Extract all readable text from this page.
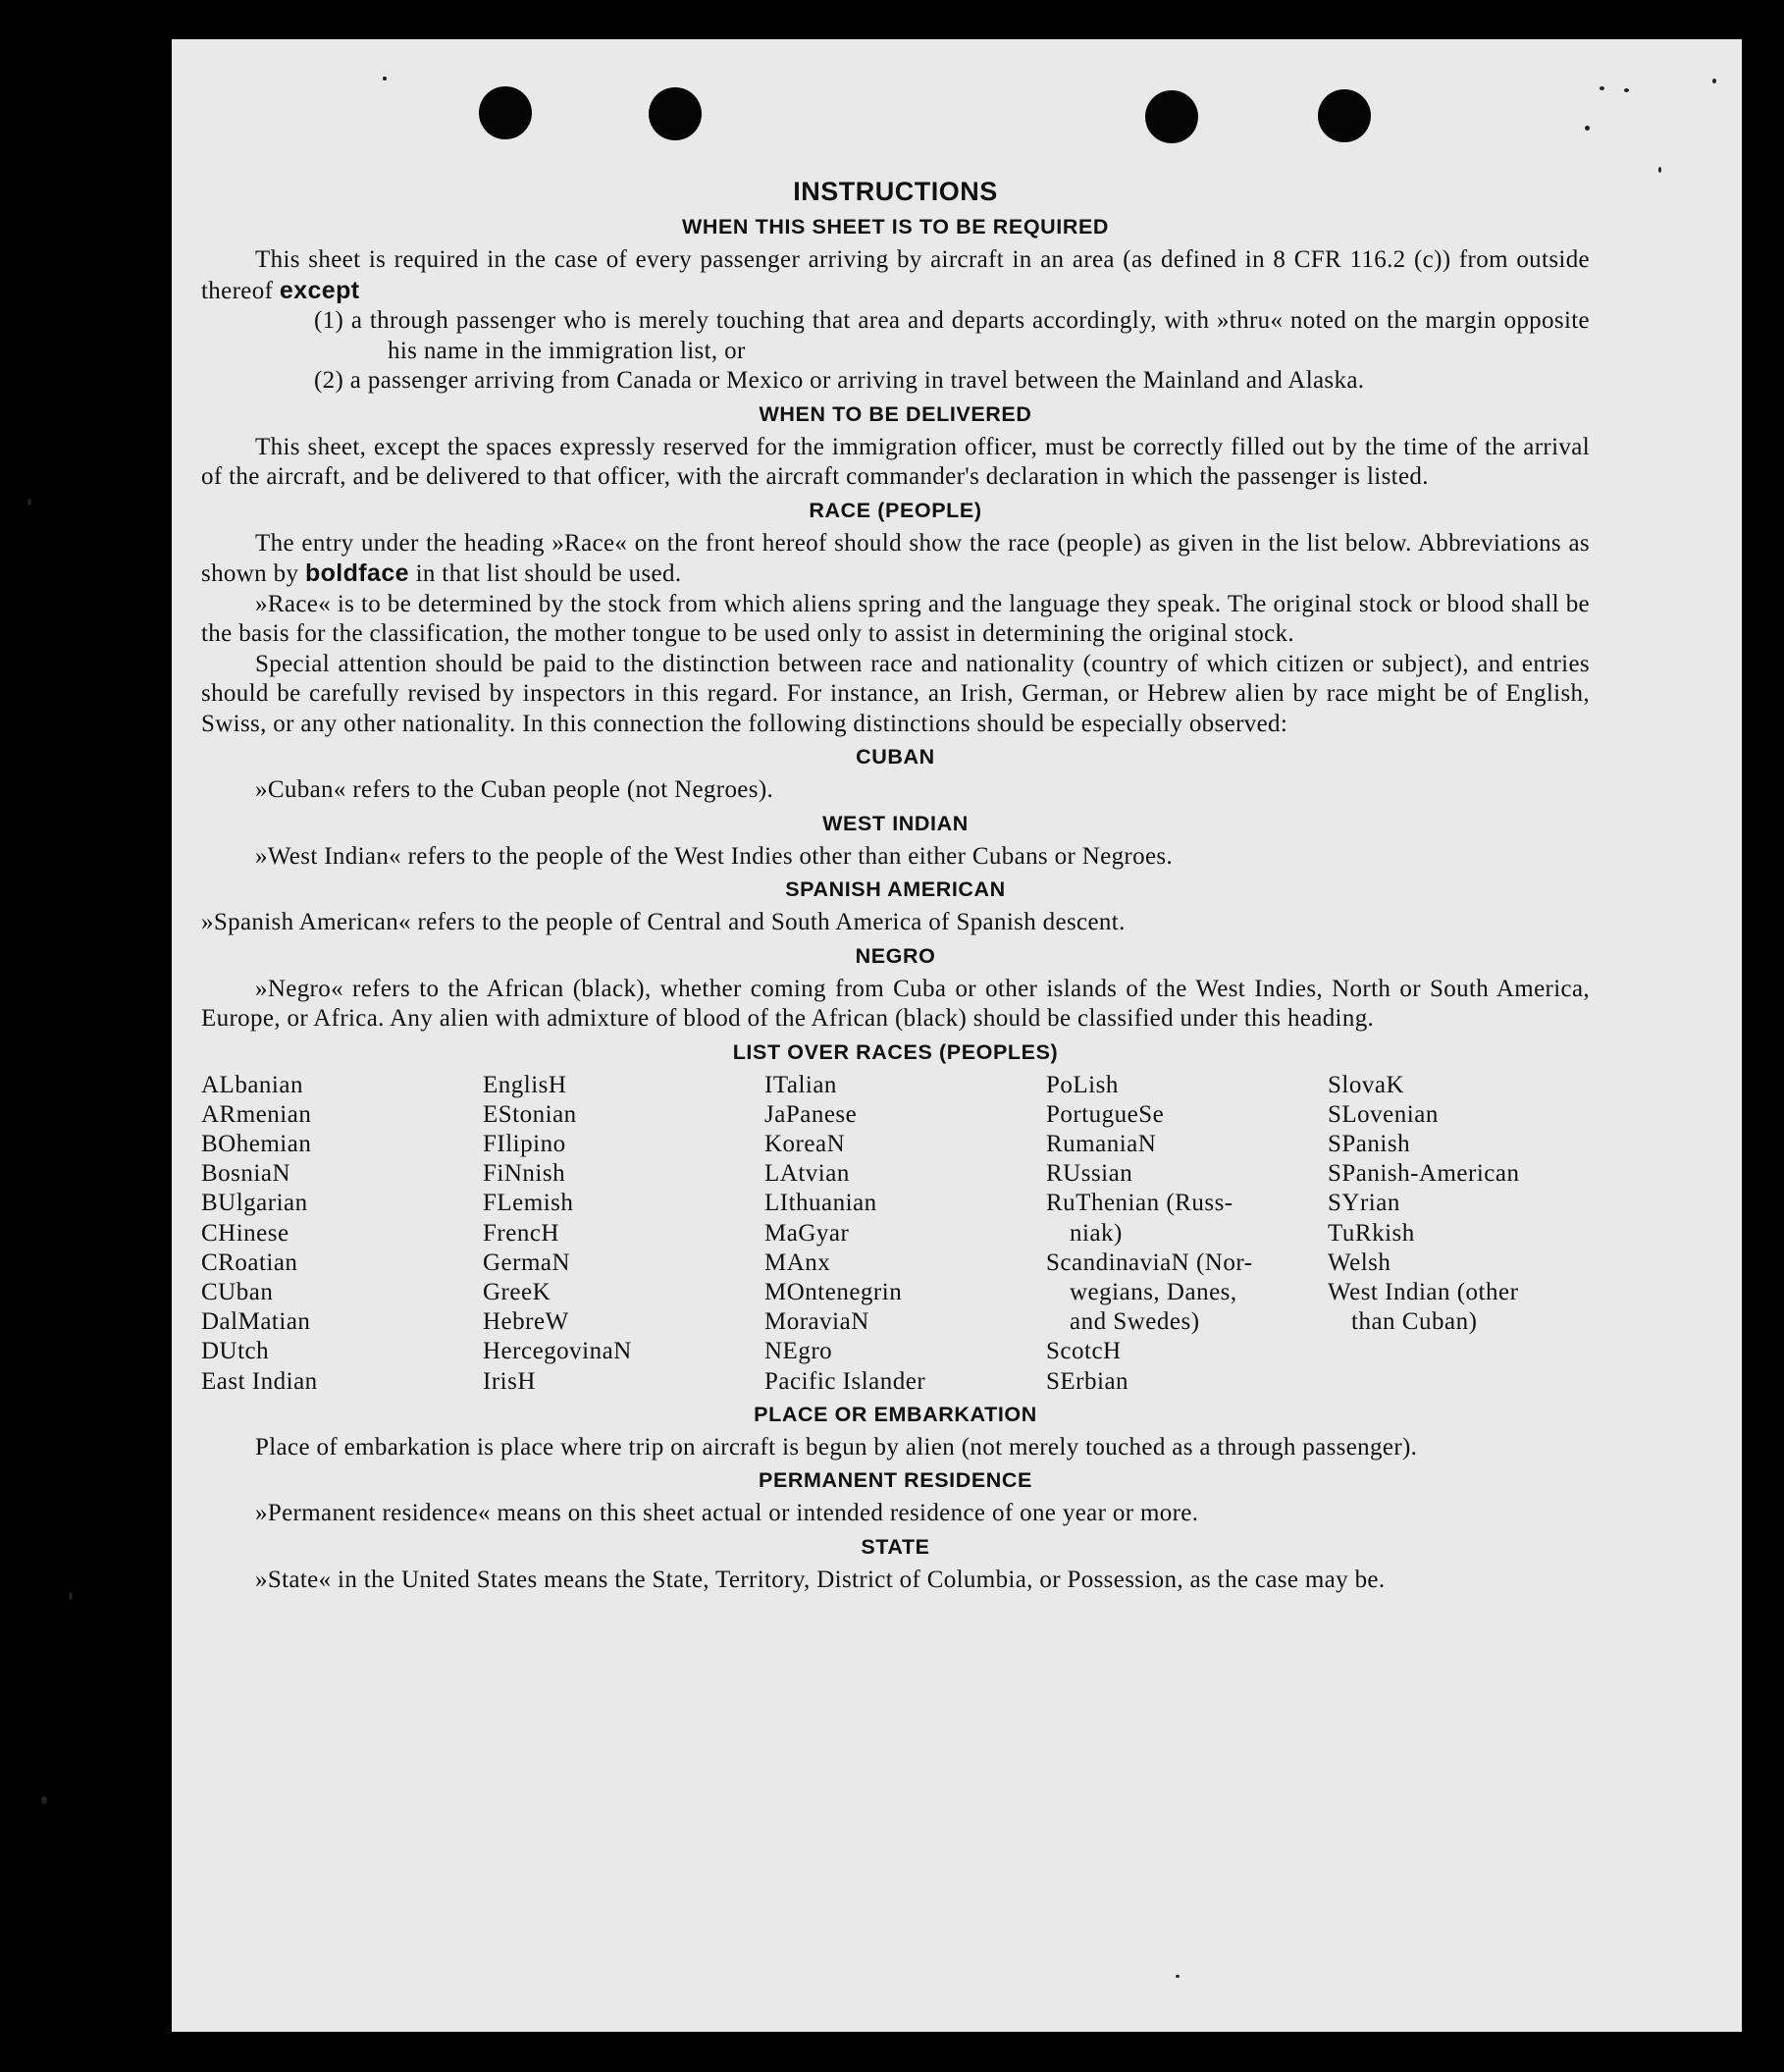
INSTRUCTIONS
WHEN THIS SHEET IS TO BE REQUIRED

This sheet is required in the case of every passenger arriving by aircraft in an area (as defined in 8 CFR 116.2 (c)) from outside thereof except

(1) a through passenger who is merely touching that area and departs accordingly, with »thru« noted on the margin opposite his name in the immigration list, or

(2) a passenger arriving from Canada or Mexico or arriving in travel between the Mainland and Alaska.

WHEN TO BE DELIVERED

This sheet, except the spaces expressly reserved for the immigration officer, must be correctly filled out by the time of the arrival of the aircraft, and be delivered to that officer, with the aircraft commander's declaration in which the passenger is listed.

RACE (PEOPLE)

The entry under the heading »Race« on the front hereof should show the race (people) as given in the list below. Abbreviations as shown by boldface in that list should be used.

»Race« is to be determined by the stock from which aliens spring and the language they speak. The original stock or blood shall be the basis for the classification, the mother tongue to be used only to assist in determining the original stock.

Special attention should be paid to the distinction between race and nationality (country of which citizen or subject), and entries should be carefully revised by inspectors in this regard. For instance, an Irish, German, or Hebrew alien by race might be of English, Swiss, or any other nationality. In this connection the following distinctions should be especially observed:

CUBAN

»Cuban« refers to the Cuban people (not Negroes).

WEST INDIAN

»West Indian« refers to the people of the West Indies other than either Cubans or Negroes.

SPANISH AMERICAN

»Spanish American« refers to the people of Central and South America of Spanish descent.

NEGRO

»Negro« refers to the African (black), whether coming from Cuba or other islands of the West Indies, North or South America, Europe, or Africa. Any alien with admixture of blood of the African (black) should be classified under this heading.

LIST OVER RACES (PEOPLES)
ALbanian
ARmenian
BOhemian
BosniaN
BUlgarian
CHinese
CRoatian
CUban
DalMatian
DUtch
East Indian
EnglisH
EStonian
FIlipino
FiNnish
FLemish
FrencH
GermaN
GreeK
HebreW
HercegovinaN
IrisH
ITalian
JaPanese
KoreaN
LAtvian
LIthuanian
MaGyar
MAnx
MOntenegrin
MoraviaN
NEgro
Pacific Islander
PoLish
PortugueSe
RumaniaN
RUssian
RuThenian (Russ-
niak)
ScandinaviaN (Nor-
wegians, Danes,
and Swedes)
ScotcH
SErbian
SlovaK
SLovenian
SPanish
SPanish-American
SYrian
TuRkish
Welsh
West Indian (other
than Cuban)
PLACE OR EMBARKATION

Place of embarkation is place where trip on aircraft is begun by alien (not merely touched as a through passenger).

PERMANENT RESIDENCE

»Permanent residence« means on this sheet actual or intended residence of one year or more.

STATE

»State« in the United States means the State, Territory, District of Columbia, or Possession, as the case may be.
